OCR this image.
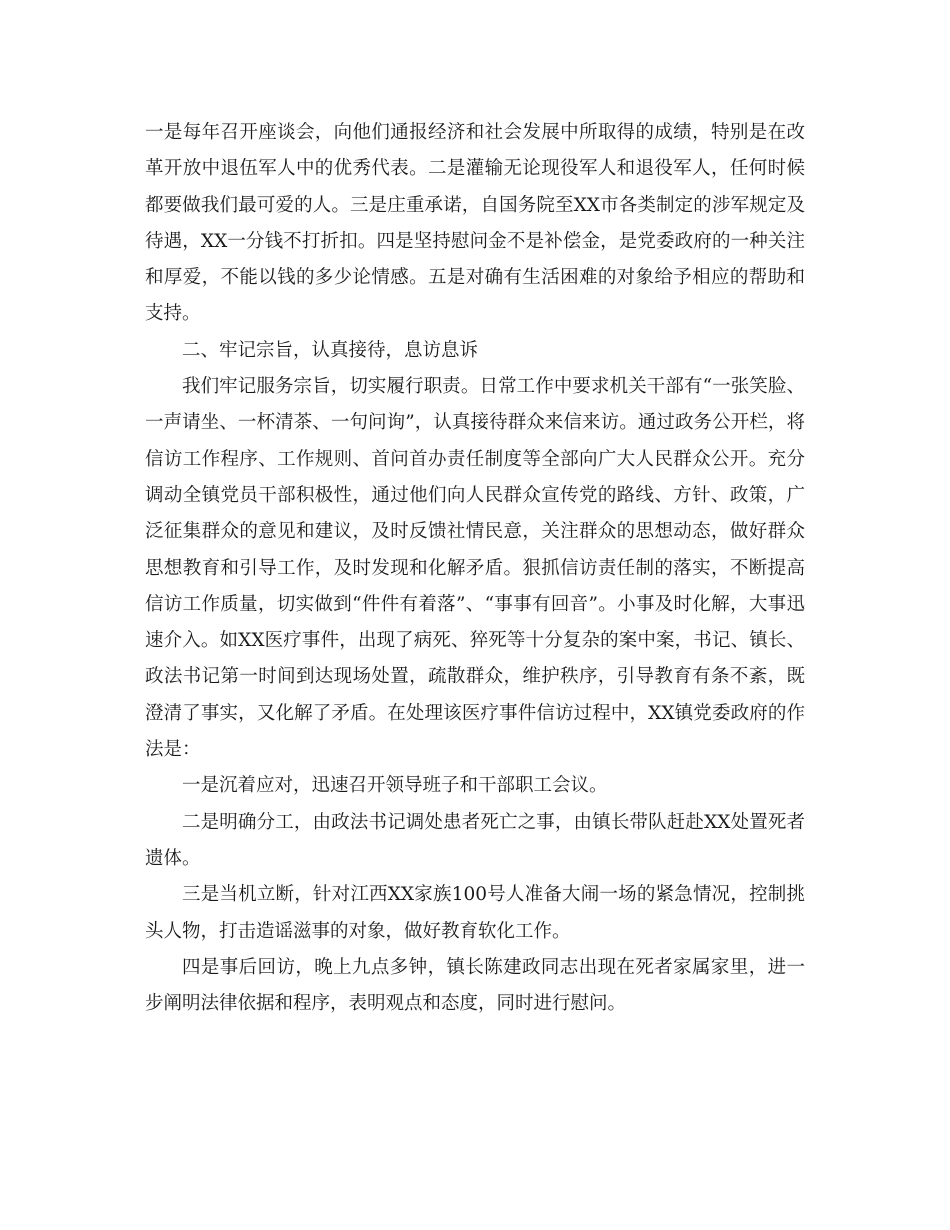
一是每年召开座谈会，向他们通报经济和社会发展中所取得的成绩，特别是在改革开放中退伍军人中的优秀代表。二是灌输无论现役军人和退役军人，任何时候都要做我们最可爱的人。三是庄重承诺，自国务院至XX市各类制定的涉军规定及待遇，XX一分钱不打折扣。四是坚持慰问金不是补偿金，是党委政府的一种关注和厚爱，不能以钱的多少论情感。五是对确有生活困难的对象给予相应的帮助和支持。

二、牢记宗旨，认真接待，息访息诉

我们牢记服务宗旨，切实履行职责。日常工作中要求机关干部有“一张笑脸、一声请坐、一杯清茶、一句问询”，认真接待群众来信来访。通过政务公开栏，将信访工作程序、工作规则、首问首办责任制度等全部向广大人民群众公开。充分调动全镇党员干部积极性，通过他们向人民群众宣传党的路线、方针、政策，广泛征集群众的意见和建议，及时反馈社情民意，关注群众的思想动态，做好群众思想教育和引导工作，及时发现和化解矛盾。狠抓信访责任制的落实，不断提高信访工作质量，切实做到“件件有着落”、“事事有回音”。小事及时化解，大事迅速介入。如XX医疗事件，出现了病死、猝死等十分复杂的案中案，书记、镇长、政法书记第一时间到达现场处置，疏散群众，维护秩序，引导教育有条不紊，既澄清了事实，又化解了矛盾。在处理该医疗事件信访过程中，XX镇党委政府的作法是：

一是沉着应对，迅速召开领导班子和干部职工会议。

二是明确分工，由政法书记调处患者死亡之事，由镇长带队赶赴XX处置死者遗体。

三是当机立断，针对江西XX家族100号人准备大闹一场的紧急情况，控制挑头人物，打击造谣滋事的对象，做好教育软化工作。

四是事后回访，晚上九点多钟，镇长陈建政同志出现在死者家属家里，进一步阐明法律依据和程序，表明观点和态度，同时进行慰问。
